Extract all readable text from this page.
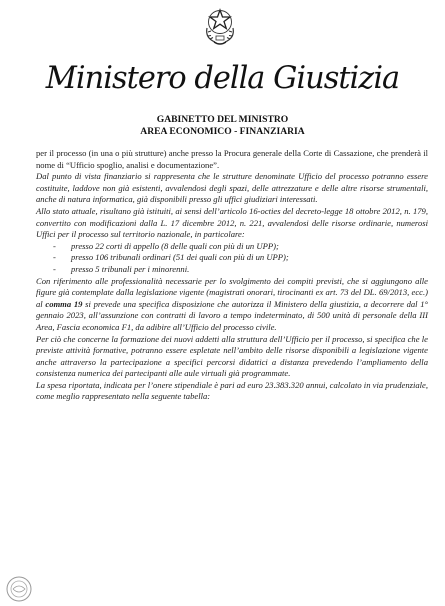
Ministero della Giustizia
GABINETTO DEL MINISTRO
AREA ECONOMICO - FINANZIARIA

per il processo (in una o più strutture) anche presso la Procura generale della Corte di Cassazione, che prenderà il nome di “Ufficio spoglio, analisi e documentazione”.

Dal punto di vista finanziario si rappresenta che le strutture denominate Ufficio del processo potranno essere costituite, laddove non già esistenti, avvalendosi degli spazi, delle attrezzature e delle altre risorse strumentali, anche di natura informatica, già disponibili presso gli uffici giudiziari interessati.

Allo stato attuale, risultano già istituiti, ai sensi dell’articolo 16-octies del decreto-legge 18 ottobre 2012, n. 179, convertito con modificazioni dalla L. 17 dicembre 2012, n. 221, avvalendosi delle risorse ordinarie, numerosi Uffici per il processo sul territorio nazionale, in particolare:

- presso 22 corti di appello (8 delle quali con più di un UPP);
- presso 106 tribunali ordinari (51 dei quali con più di un UPP);
- presso 5 tribunali per i minorenni.

Con riferimento alle professionalità necessarie per lo svolgimento dei compiti previsti, che si aggiungono alle figure già contemplate dalla legislazione vigente (magistrati onorari, tirocinanti ex art. 73 del DL. 69/2013, ecc.) al comma 19 si prevede una specifica disposizione che autorizza il Ministero della giustizia, a decorrere dal 1° gennaio 2023, all’assunzione con contratti di lavoro a tempo indeterminato, di 500 unità di personale della III Area, Fascia economica F1, da adibire all’Ufficio del processo civile.

Per ciò che concerne la formazione dei nuovi addetti alla struttura dell’Ufficio per il processo, si specifica che le previste attività formative, potranno essere espletate nell’ambito delle risorse disponibili a legislazione vigente anche attraverso la partecipazione a specifici percorsi didattici a distanza prevedendo l’ampliamento della consistenza numerica dei partecipanti alle aule virtuali già programmate.

La spesa riportata, indicata per l’onere stipendiale è pari ad euro 23.383.320 annui, calcolato in via prudenziale, come meglio rappresentato nella seguente tabella:
